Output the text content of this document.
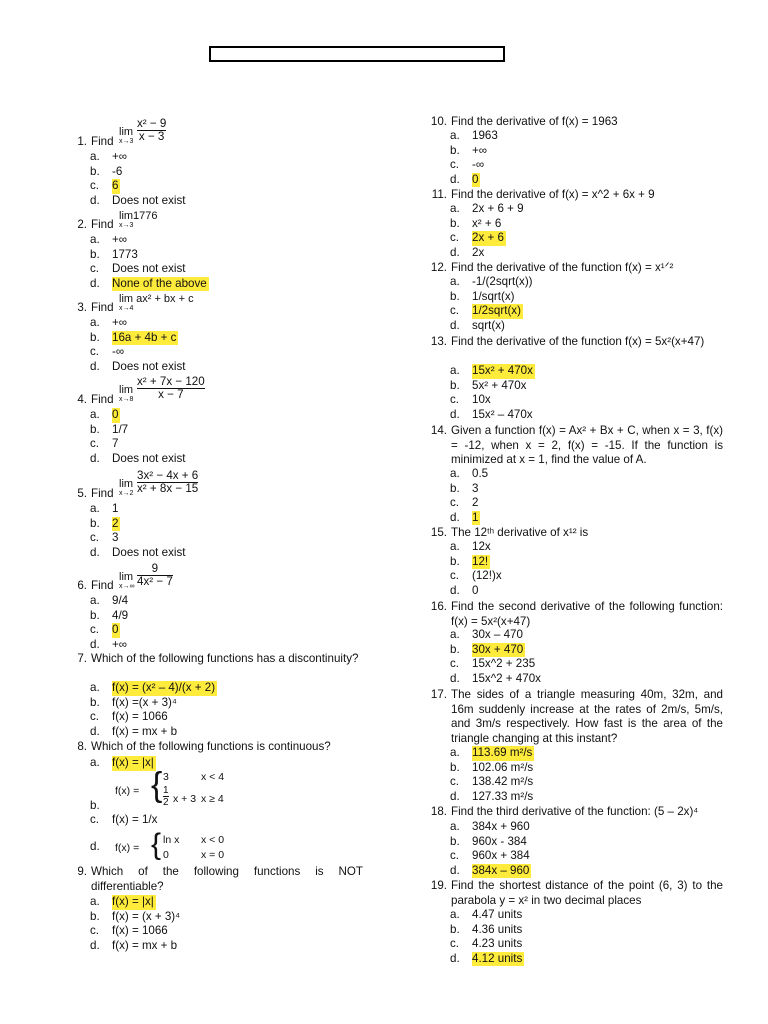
1. Find
lim
x→3
x² − 9
x − 3
a.	+∞
b.	-6
c.	6
d.	Does not exist
2. Find
lim1776
x→3
a.	+∞
b.	1773
c.	Does not exist
d.	None of the above
3. Find
lim ax² + bx + c
x→4
a.	+∞
b.	16a + 4b + c
c.	-∞
d.	Does not exist
4. Find
lim
x→8
x² + 7x − 120
x − 7
a.	0
b.	1/7
c.	7
d.	Does not exist
5. Find
lim
x→2
3x² − 4x + 6
x² + 8x − 15
a.	1
b.	2
c.	3
d.	Does not exist
6. Find
lim
x→∞
9
4x² − 7
a.	9/4
b.	4/9
c.	0
d.	+∞
7. Which of the following functions has a discontinuity?
a.	f(x) = (x² – 4)/(x + 2)
b.	f(x) =(x + 3)⁴
c.	f(x) = 1066
d.	f(x) = mx + b
8. Which of the following functions is continuous?
a.	f(x) = |x|
b.
c.	f(x) = 1/x
d.
f(x) = { 3	x < 4
1
2 x + 3 x ≥ 4
f(x) = { ln x x < 0
0	x = 0
9. Which of the following functions is NOT differentiable?
a.	f(x) = |x|
b.	f(x) = (x + 3)⁴
c.	f(x) = 1066
d.	f(x) = mx + b
10. Find the derivative of f(x) = 1963
a.	1963
b.	+∞
c.	-∞
d.	0
11. Find the derivative of f(x) = x^2 + 6x + 9
a.	2x + 6 + 9
b.	x² + 6
c.	2x + 6
d.	2x
12. Find the derivative of the function f(x) = x¹ᐟ²
a.	-1/(2sqrt(x))
b.	1/sqrt(x)
c.	1/2sqrt(x)
d.	sqrt(x)
13. Find the derivative of the function f(x) = 5x²(x+47)
a.	15x² + 470x
b.	5x² + 470x
c.	10x
d.	15x² – 470x
14. Given a function f(x) = Ax² + Bx + C, when x = 3, f(x) = -12, when x = 2, f(x) = -15. If the function is minimized at x = 1, find the value of A.
a.	0.5
b.	3
c.	2
d.	1
15. The 12ᵗʰ derivative of x¹² is
a.	12x
b.	12!
c.	(12!)x
d.	0
16. Find the second derivative of the following function: f(x) = 5x²(x+47)
a.	30x – 470
b.	30x + 470
c.	15x^2 + 235
d.	15x^2 + 470x
17. The sides of a triangle measuring 40m, 32m, and 16m suddenly increase at the rates of 2m/s, 5m/s, and 3m/s respectively. How fast is the area of the triangle changing at this instant?
a.	113.69 m²/s
b.	102.06 m²/s
c.	138.42 m²/s
d.	127.33 m²/s
18. Find the third derivative of the function: (5 – 2x)⁴
a.	384x + 960
b.	960x - 384
c.	960x + 384
d.	384x – 960
19. Find the shortest distance of the point (6, 3) to the parabola y = x² in two decimal places
a.	4.47 units
b.	4.36 units
c.	4.23 units
d.	4.12 units
